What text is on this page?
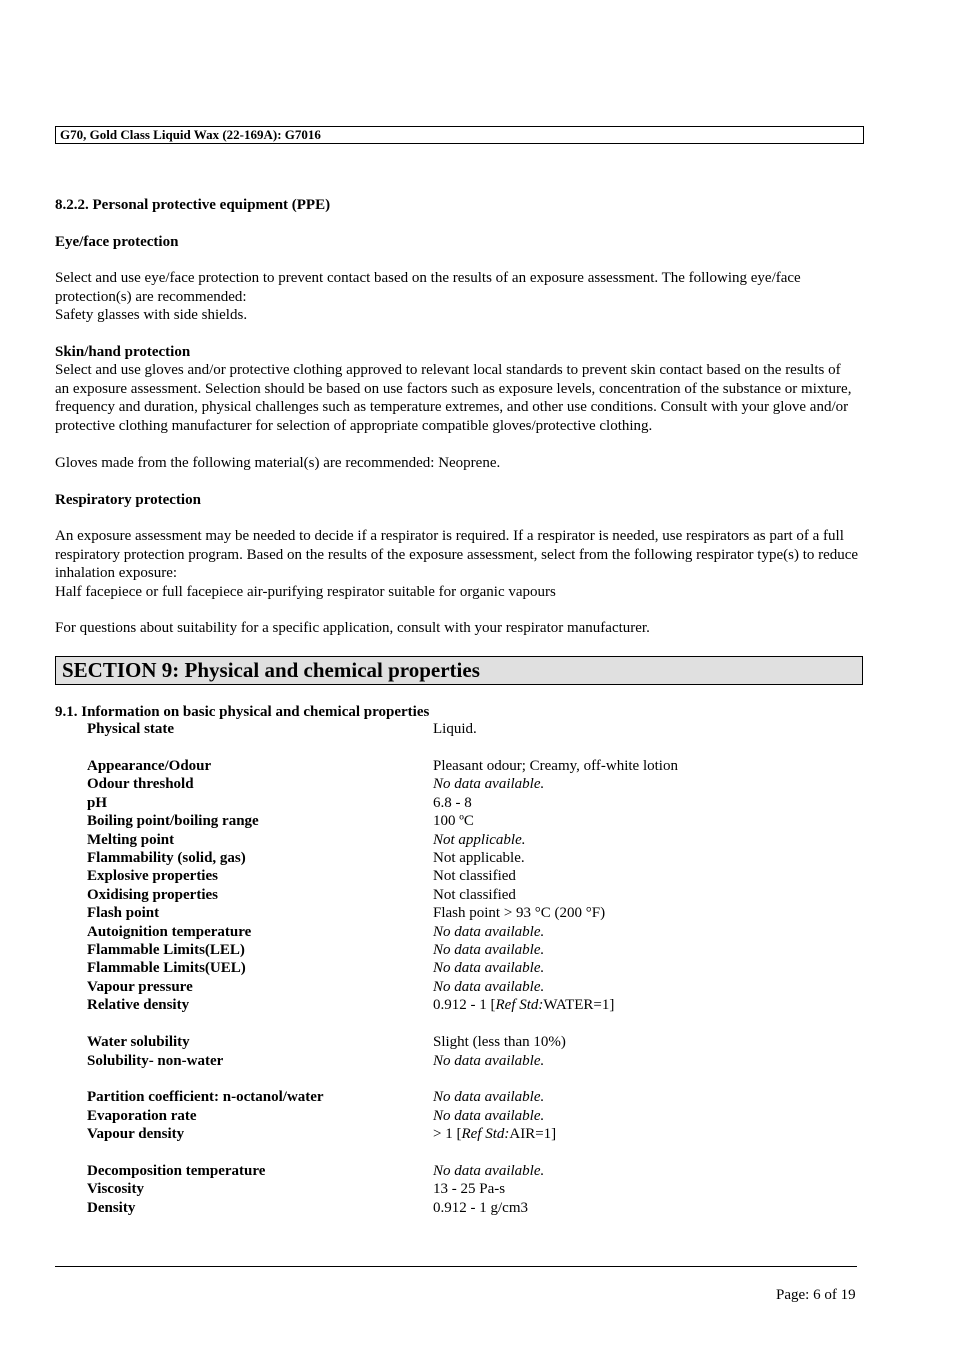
G70, Gold Class Liquid Wax (22-169A): G7016
8.2.2. Personal protective equipment (PPE)
Eye/face protection
Select and use eye/face protection to prevent contact based on the results of an exposure assessment. The following eye/face protection(s) are recommended:
Safety glasses with side shields.
Skin/hand protection
Select and use gloves and/or protective clothing approved to relevant local standards to prevent skin contact based on the results of an exposure assessment. Selection should be based on use factors such as exposure levels, concentration of the substance or mixture, frequency and duration, physical challenges such as temperature extremes, and other use conditions. Consult with your glove and/or protective clothing manufacturer for selection of appropriate compatible gloves/protective clothing.
Gloves made from the following material(s) are recommended: Neoprene.
Respiratory protection
An exposure assessment may be needed to decide if a respirator is required. If a respirator is needed, use respirators as part of a full respiratory protection program. Based on the results of the exposure assessment, select from the following respirator type(s) to reduce inhalation exposure:
Half facepiece or full facepiece air-purifying respirator suitable for organic vapours
For questions about suitability for a specific application, consult with your respirator manufacturer.
SECTION 9: Physical and chemical properties
9.1. Information on basic physical and chemical properties
Physical state	Liquid.
Appearance/Odour	Pleasant odour; Creamy, off-white lotion
Odour threshold	No data available.
pH	6.8 - 8
Boiling point/boiling range	100 ºC
Melting point	Not applicable.
Flammability (solid, gas)	Not applicable.
Explosive properties	Not classified
Oxidising properties	Not classified
Flash point	Flash point > 93 °C (200 °F)
Autoignition temperature	No data available.
Flammable Limits(LEL)	No data available.
Flammable Limits(UEL)	No data available.
Vapour pressure	No data available.
Relative density	0.912 - 1 [Ref Std:WATER=1]
Water solubility	Slight (less than 10%)
Solubility- non-water	No data available.
Partition coefficient: n-octanol/water	No data available.
Evaporation rate	No data available.
Vapour density	> 1 [Ref Std:AIR=1]
Decomposition temperature	No data available.
Viscosity	13 - 25 Pa-s
Density	0.912 - 1 g/cm3
Page: 6 of 19
